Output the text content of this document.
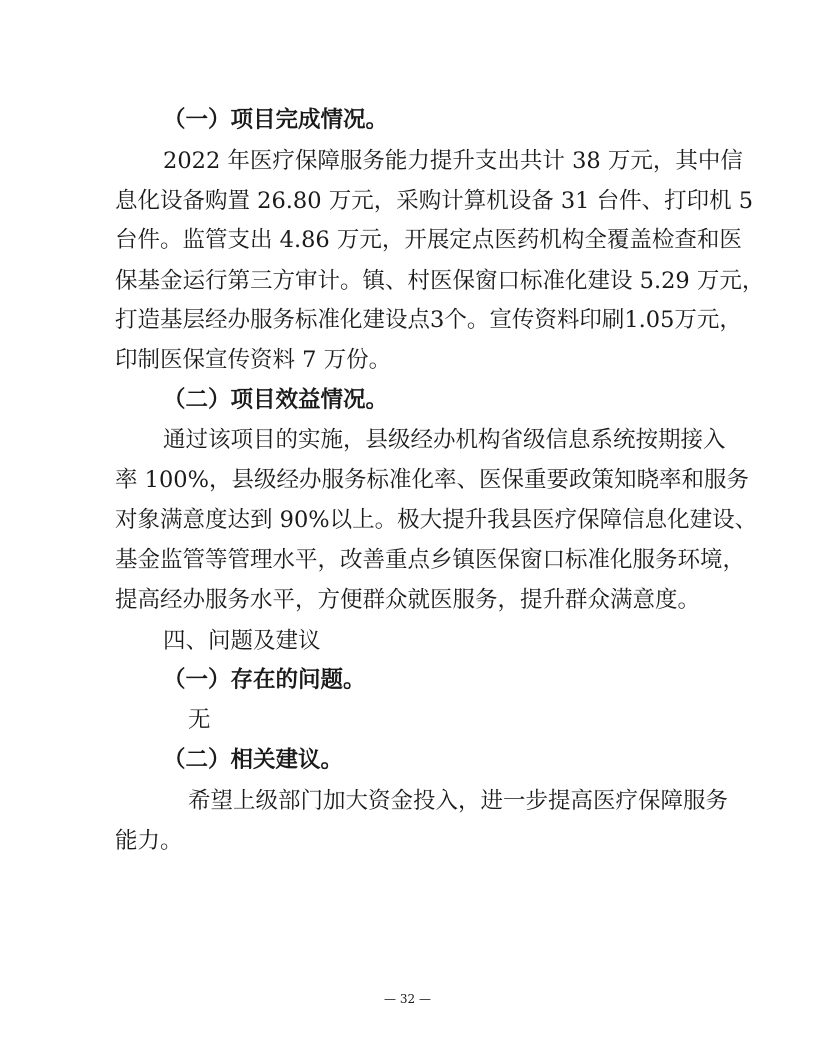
（一）项目完成情况。
2022 年医疗保障服务能力提升支出共计 38 万元，其中信
息化设备购置 26.80 万元，采购计算机设备 31 台件、打印机 5
台件。监管支出 4.86 万元，开展定点医药机构全覆盖检查和医
保基金运行第三方审计。镇、村医保窗口标准化建设 5.29 万元，
打造基层经办服务标准化建设点3个。宣传资料印刷1.05万元，
印制医保宣传资料 7 万份。
（二）项目效益情况。
通过该项目的实施，县级经办机构省级信息系统按期接入
率 100%，县级经办服务标准化率、医保重要政策知晓率和服务
对象满意度达到 90%以上。极大提升我县医疗保障信息化建设、
基金监管等管理水平，改善重点乡镇医保窗口标准化服务环境，
提高经办服务水平，方便群众就医服务，提升群众满意度。
四、问题及建议
（一）存在的问题。
无
（二）相关建议。
希望上级部门加大资金投入，进一步提高医疗保障服务
能力。
— 32 —
